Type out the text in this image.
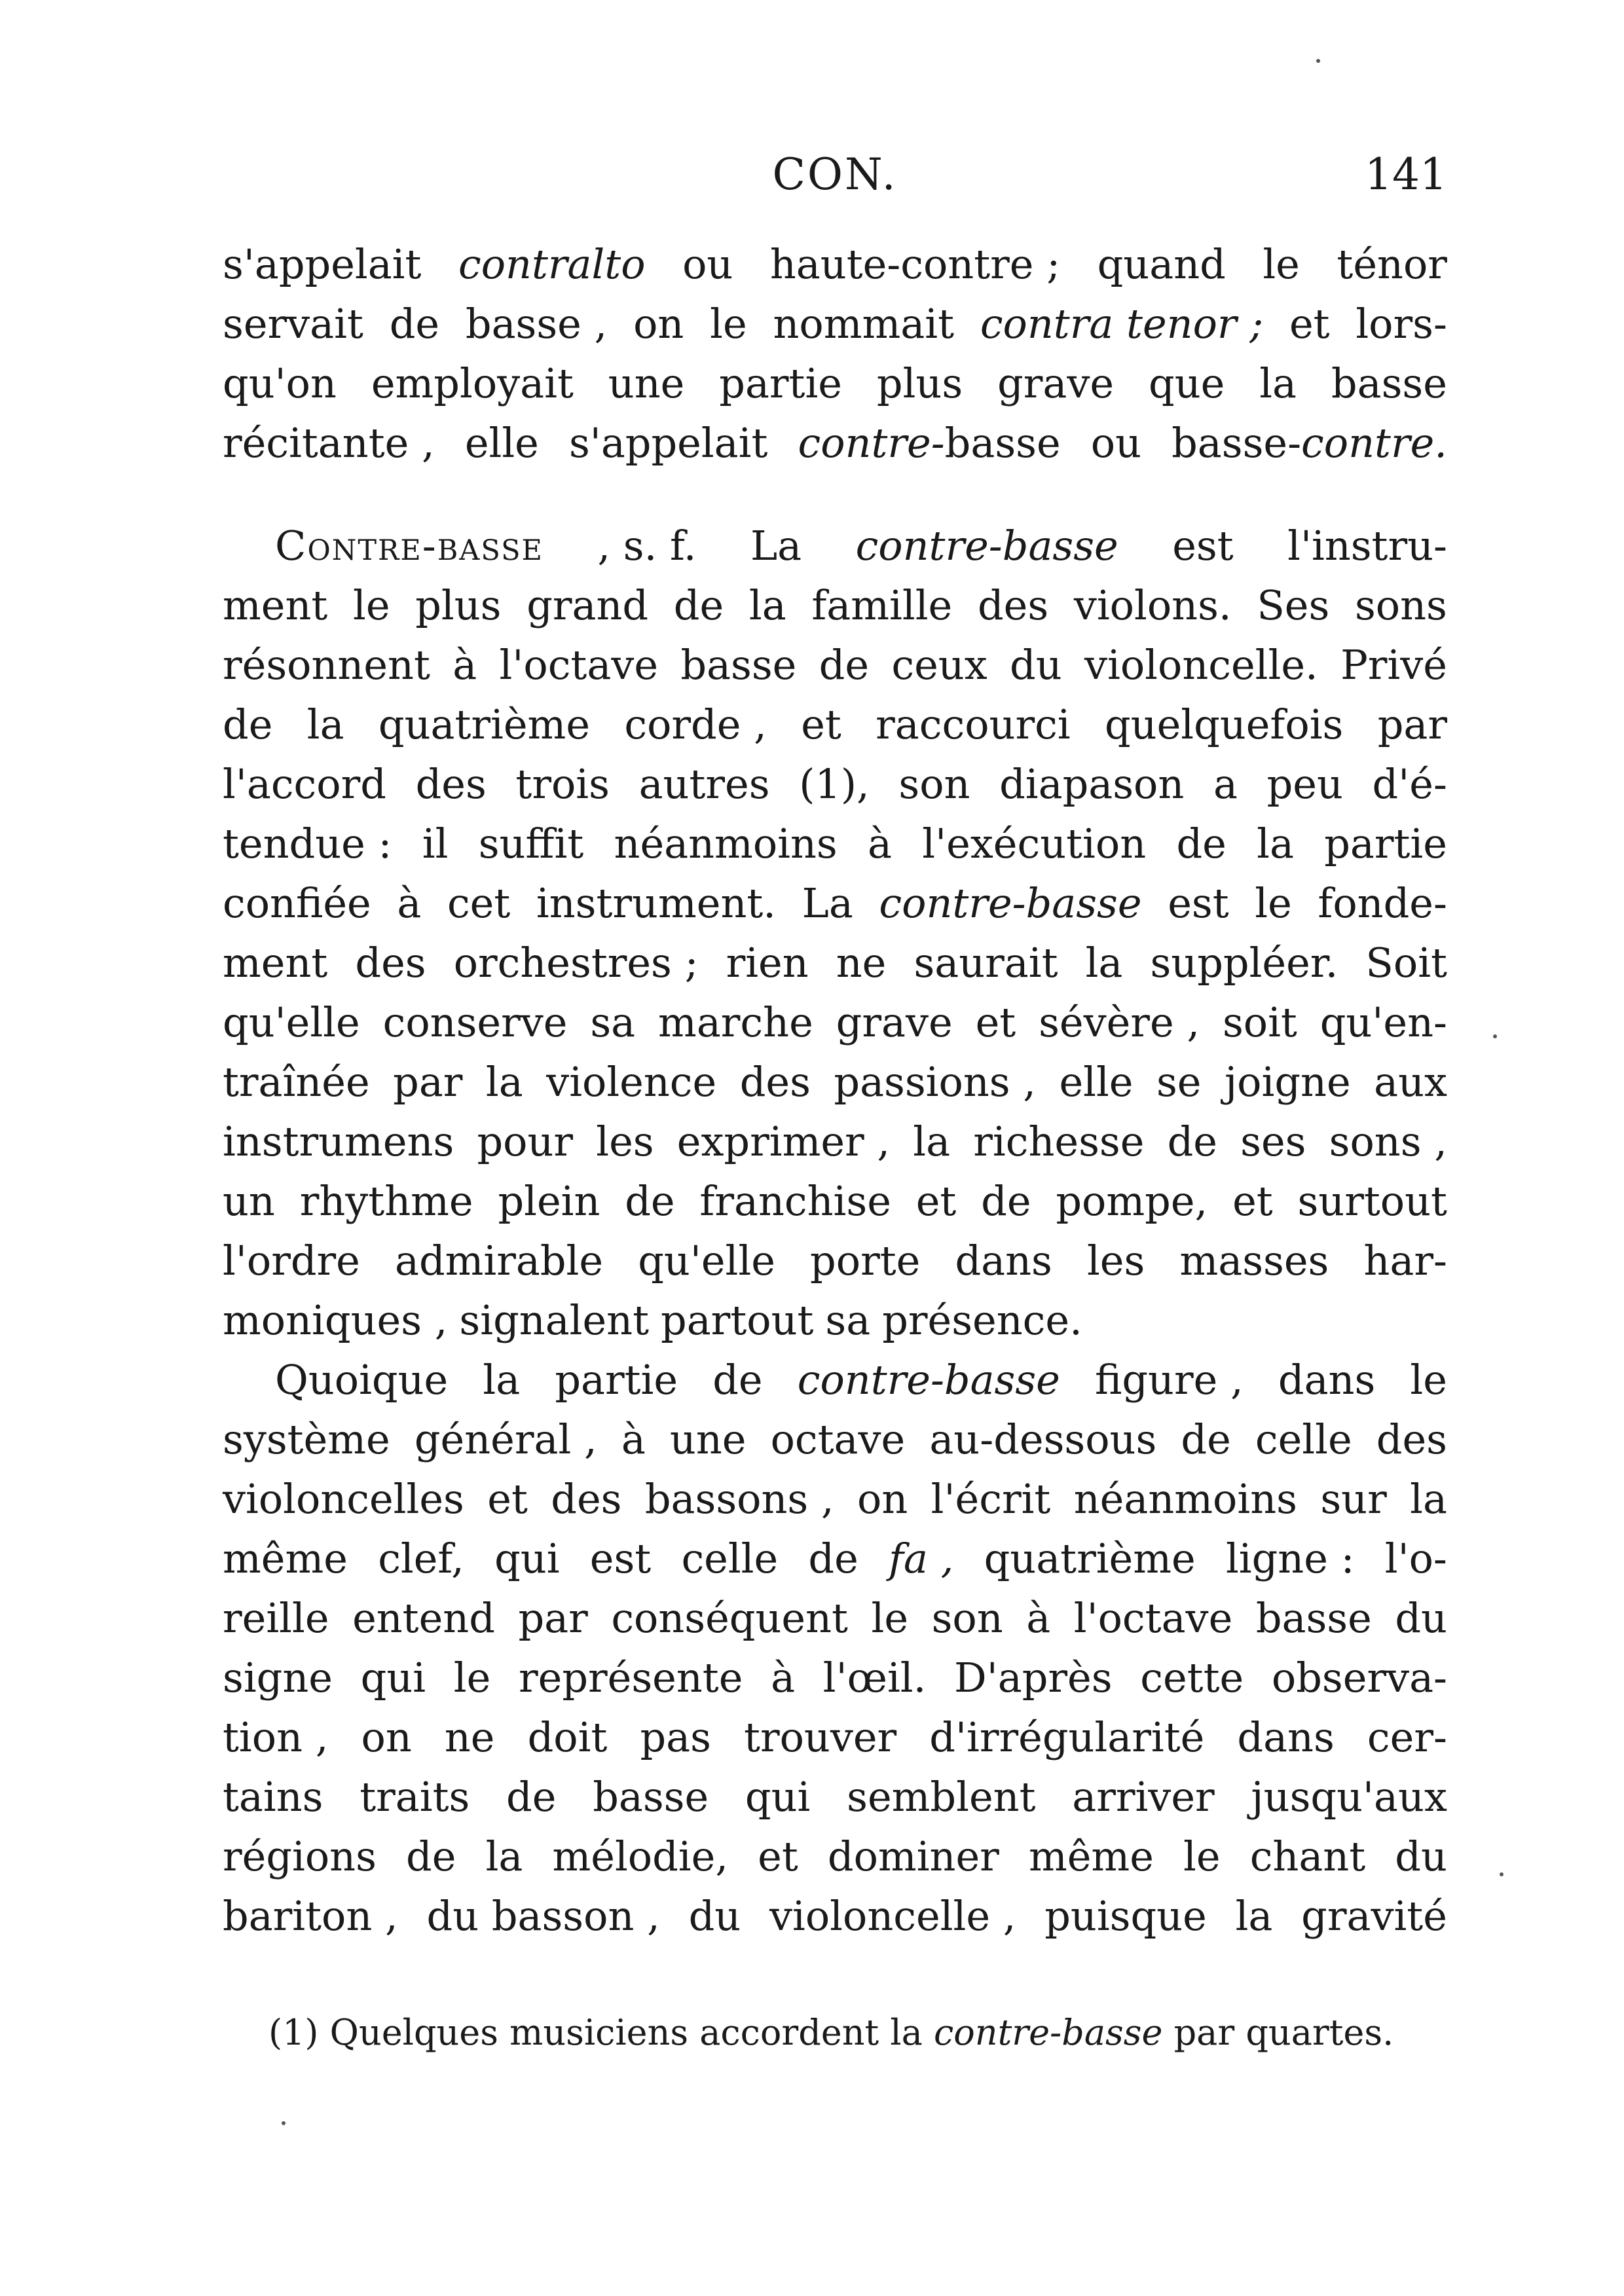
CON.	141
s'appelait contralto ou haute-contre ; quand le ténor
servait de basse , on le nommait contra tenor ; et lors-
qu'on employait une partie plus grave que la basse
récitante , elle s'appelait contre-basse ou basse-contre.
Contre-basse , s. f. La contre-basse est l'instru-
ment le plus grand de la famille des violons. Ses sons
résonnent à l'octave basse de ceux du violoncelle. Privé
de la quatrième corde , et raccourci quelquefois par
l'accord des trois autres (1), son diapason a peu d'é-
tendue : il suffit néanmoins à l'exécution de la partie
confiée à cet instrument. La contre-basse est le fonde-
ment des orchestres ; rien ne saurait la suppléer. Soit
qu'elle conserve sa marche grave et sévère , soit qu'en-
traînée par la violence des passions , elle se joigne aux
instrumens pour les exprimer , la richesse de ses sons ,
un rhythme plein de franchise et de pompe, et surtout
l'ordre admirable qu'elle porte dans les masses har-
moniques , signalent partout sa présence.
Quoique la partie de contre-basse figure , dans le
système général , à une octave au-dessous de celle des
violoncelles et des bassons , on l'écrit néanmoins sur la
même clef, qui est celle de fa , quatrième ligne : l'o-
reille entend par conséquent le son à l'octave basse du
signe qui le représente à l'œil. D'après cette observa-
tion , on ne doit pas trouver d'irrégularité dans cer-
tains traits de basse qui semblent arriver jusqu'aux
régions de la mélodie, et dominer même le chant du
bariton , du basson , du violoncelle , puisque la gravité
(1) Quelques musiciens accordent la contre-basse par quartes.
